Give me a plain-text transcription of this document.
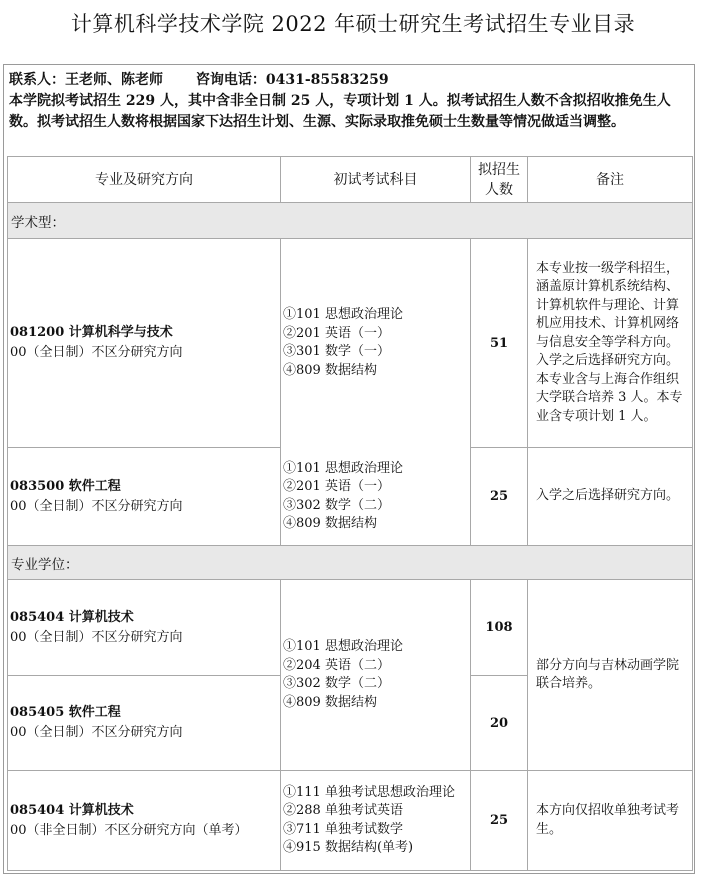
计算机科学技术学院 2022 年硕士研究生考试招生专业目录
联系人：王老师、陈老师    咨询电话：0431-85583259
本学院拟考试招生 229 人，其中含非全日制 25 人，专项计划 1 人。拟考试招生人数不含拟招收推免生人数。拟考试招生人数将根据国家下达招生计划、生源、实际录取推免硕士生数量等情况做适当调整。
专业及研究方向	初试考试科目
拟招生人数
备注
学术型：
081200 计算机科学与技术
00（全日制）不区分研究方向
①101 思想政治理论
②201 英语（一）
③301 数学（一）
④809 数据结构
51
本专业按一级学科招生，涵盖原计算机系统结构、计算机软件与理论、计算机应用技术、计算机网络与信息安全等学科方向。入学之后选择研究方向。本专业含与上海合作组织大学联合培养 3 人。本专业含专项计划 1 人。
083500 软件工程
00（全日制）不区分研究方向
①101 思想政治理论
②201 英语（一）
③302 数学（二）
④809 数据结构
25	入学之后选择研究方向。
专业学位：
085404 计算机技术
00（全日制）不区分研究方向
108
085405 软件工程
00（全日制）不区分研究方向
20
①101 思想政治理论
②204 英语（二）
③302 数学（二）
④809 数据结构
部分方向与吉林动画学院联合培养。
085404 计算机技术
00（非全日制）不区分研究方向（单考）
①111 单独考试思想政治理论
②288 单独考试英语
③711 单独考试数学
④915 数据结构(单考)
25
本方向仅招收单独考试考生。
